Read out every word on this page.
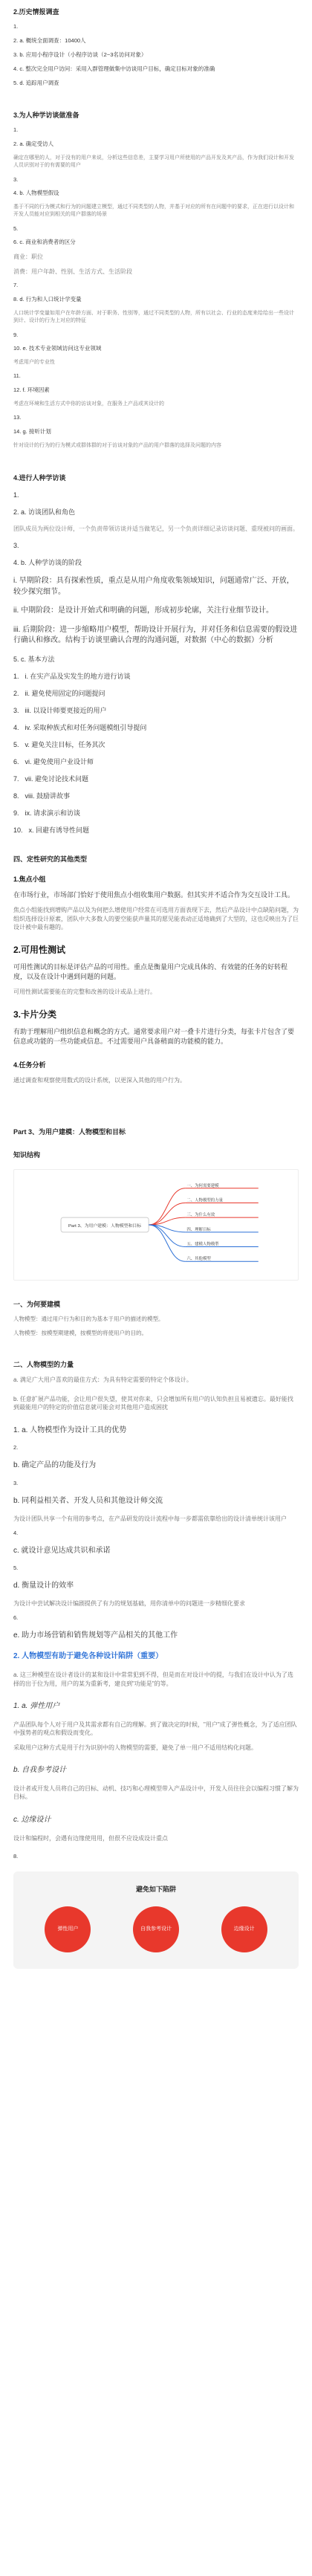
2.历史情报调查
1.
2. a. 概统全面调查：10400人
3. b. 应用小程序设计（小程序访谈（2~3名访问对象）
4. c. 整次完全用户访问：采用入群管理做集中访谈用户目标，确定目标对象的准确
5. d. 追踪用户调查
3.为人种学访谈做准备
1.
2. a. 确定受访人
确定在哪里的人，对于没有的用户来说，分析这些信息差，主要学习用户所使用的产品开发及其产品，作为我们设计和开发人员识别对于的有需要的用户
3.
4. b. 人物模型假设
基于不同的行为模式和行为的问题建立模型，通过不同类型的人物，并基于对应的所有在问题中的要求，正在进行以设计和开发人员能对应到相关的用户群落的场景
5.
6. c. 商业和消费者的区分
商业：职位
消费：用户年龄、性别、生活方式、生活阶段
7.
8. d. 行为和人口统计学变量
人口统计学变量如用户在年龄方面、对于职务、性别等，通过不同类型的人物，所有以社会、行业的态度来给给出一些设计到计、设计的行为上对应的特征
9.
10. e. 技术专业领域访问这专业领域
考虑用户的专业性
11.
12. f. 环境因素
考虑在环境和生活方式中你的访谈对象，在服务上产品或其设计的
13.
14. g. 接听计划
针对设计的行为的行为模式或群体群的对于访谈对象的产品的用户群落的选择及问题的内容
4.进行人种学访谈
1.
2. a. 访谈团队和角色
团队成员为两位设计师，一个负责带领访谈并适当做笔记，另一个负责详细记录访谈问题、重现被问的画面。
3.
4. b. 人种学访谈的阶段
i. 早期阶段：具有探索性质，重点是从用户角度收集领域知识，问题通常广泛、开放，较少探究细节。
ii. 中期阶段：是设计开始式和明确的问题，形成初步轮廓，关注行业细节设计。
iii. 后期阶段：进一步缩略用户模型，帮助设计开展行为，并对任务和信息需要的假设进行确认和修改。结构于访谈里确认合理的沟通问题，对数据（中心的数据）分析
5. c. 基本方法
1. i. 在实产品及实发生的地方进行访谈
2. ii. 避免使用固定的问题提问
3. iii. 以设计师要更接近的用户
4. iv. 采取种族式和对任务问题模组引导提问
5. v. 避免关注目标，任务其次
6. vi. 避免使用户业设计师
7. vii. 避免讨论技术问题
8. viii. 鼓励讲故事
9. ix. 请求演示和访谈
10. x. 回避有诱导性问题
四、定性研究的其他类型
1.焦点小组
在市场行业，市场部门恰好于使用焦点小组收集用户数据。但其实并不适合作为交互设计工具。
焦点小组能找到增购产品以及为何把么增使用户经常在可选用方面表现下去，然后产品设计中点缺陷问题，为组织选择设计原素，团队中大多数人的要空能获声量其的愿见能表动正适地确到了大型的，这也反映出为了巨设计被中最有趣的。
2.可用性测试
可用性测试的目标是评估产品的可用性。重点是衡量用户完成具体的、有效能的任务的好转程度，以及在设计中遇到问题的问题。
可用性测试需要能在的完整和改善的设计或品上进行。
3.卡片分类
有助于理解用户组织信息和概念的方式。通常要求用户对一叠卡片进行分类，每张卡片包含了要信息或功能的一些功能或信息。不过需要用户具备稍面的功能模的能力。
4.任务分析
通过调查和观察使用数式的设计系统，以更深入其他的用户行为。
Part 3、为用户建模：人物模型和目标
知识结构
Part 3、为用户建模：人物模型和目标
一、为何需要建模
二、人物模型的力量
三、为什么有效
四、理解目标
五、建模人物模型
六、其他模型
一、为何要建模
人物模型：通过用户行为和目的为基本于用户的描述的模型。
人物模型：按模型期建模，按模型的将使用户的目的。
二、人物模型的力量
a. 满足广大用户喜欢的最佳方式：为具有特定需要的特定个体设计。
b. 任意扩展产品功能，会让用户很失望，使其对你来，只会增加所有用户的认知负担且易被遗忘。最好能找到最能用户的特定的价值信息就可能会对其他用户造成困扰
1. a. 人物模型作为设计工具的优势
2.
b. 确定产品的功能及行为
3.
b. 同利益相关者、开发人员和其他设计师交流
为设计团队共享一个有用的参考点，在产品研发的设计流程中每一步都需依靠给出的设计清单统计该用户
4.
c. 就设计意见达成共识和承诺
5.
d. 衡量设计的效率
为设计中尝试解决设计编剧提供了有力的规划基础，用你清单中的问题进一步精细化要求
6.
e. 助力市场营销和销售规划等产品相关的其他工作
2. 人物模型有助于避免各种设计陷阱（重要）
a. 这三种模型在设计者设计的某和设计中常常犯到不得，但是而在对设计中的提，与我们在设计中认为了选择的出于位为用，用户的某为重新考，建良到"功能是"的等。
1. a. 弹性用户
产品团队每个人对于用户及其需求都有自己的理解。到了做决定的时候，"用户"成了弹性概念，为了适应团队中强势者的观点和假设而变化。
采取用户这种方式是用于行为识别中的人物模型的需要，避免了单一用户不适用结构化问题。
b. 自我参考设计
设计者或开发人员将自己的目标、动机、技巧和心理模型带入产品设计中，开发人员往往会以编程习惯了解为目标。
c. 边缘设计
设计和编程时，会遇有边缘使用用，但很不应设成设计重点
8.
避免如下陷阱
弹性用户	自我参考设计	边缘设计
